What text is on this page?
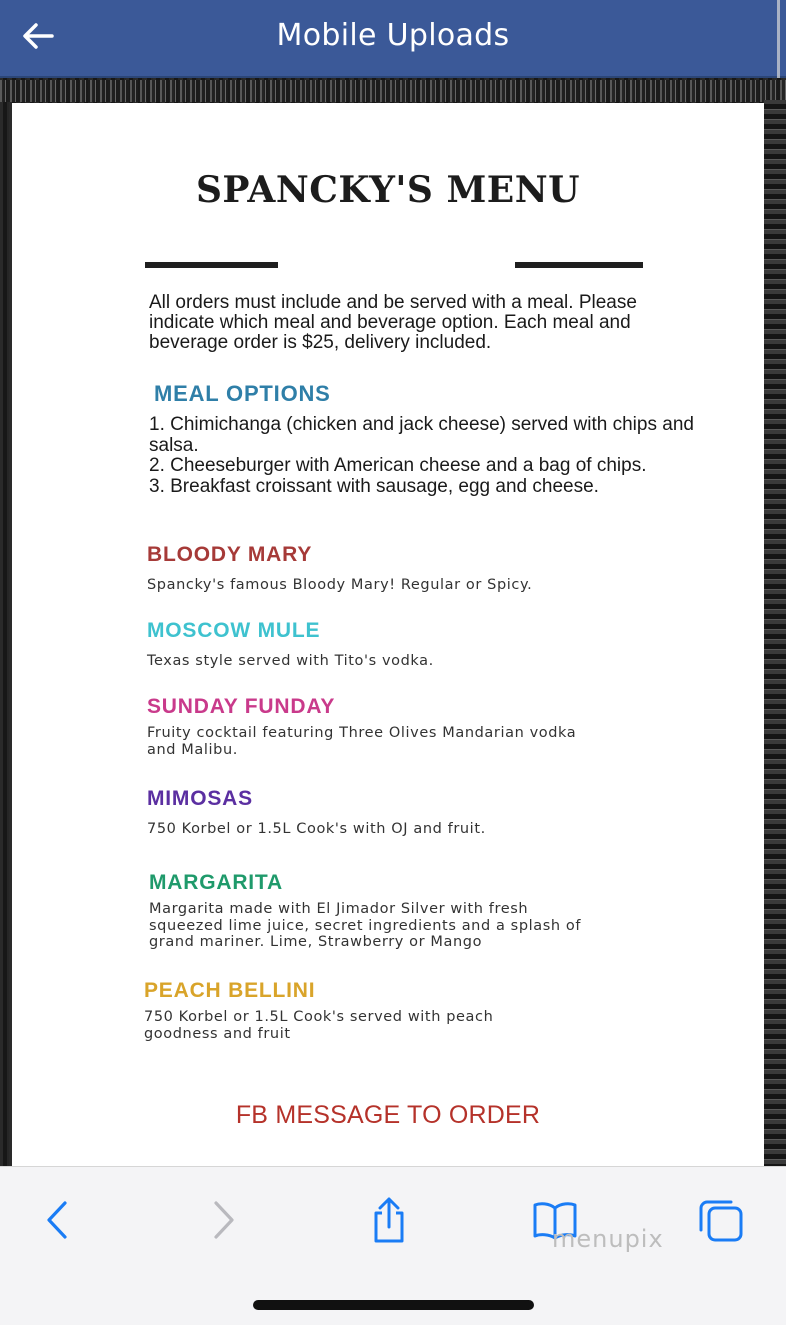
Mobile Uploads
SPANCKY'S MENU
All orders must include and be served with a meal. Please indicate which meal and beverage option. Each meal and beverage order is $25, delivery included.
MEAL OPTIONS
1. Chimichanga (chicken and jack cheese) served with chips and salsa.
2. Cheeseburger with American cheese and a bag of chips.
3. Breakfast croissant with sausage, egg and cheese.
BLOODY MARY
Spancky's famous Bloody Mary! Regular or Spicy.
MOSCOW MULE
Texas style served with Tito's vodka.
SUNDAY FUNDAY
Fruity cocktail featuring Three Olives Mandarian vodka and Malibu.
MIMOSAS
750 Korbel or 1.5L Cook's with OJ and fruit.
MARGARITA
Margarita made with El Jimador Silver with fresh squeezed lime juice, secret ingredients and a splash of grand mariner. Lime, Strawberry or Mango
PEACH BELLINI
750 Korbel or 1.5L Cook's served with peach goodness and fruit
FB MESSAGE TO ORDER
menupix
